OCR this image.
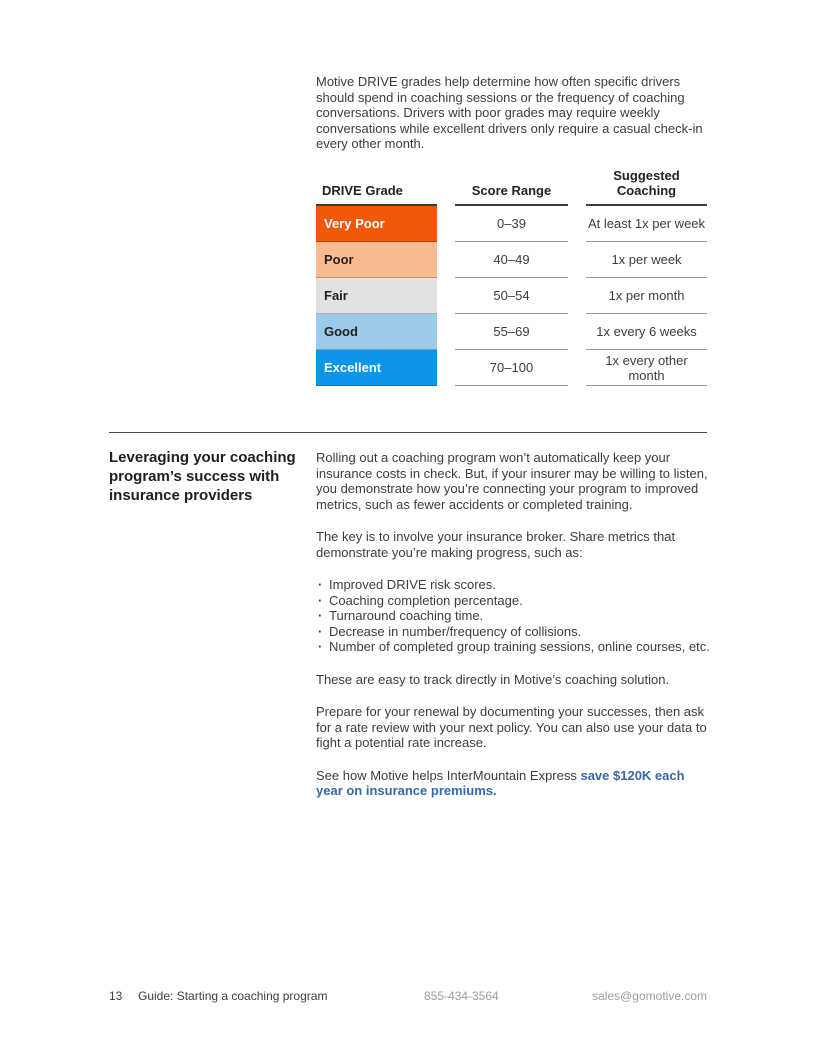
Motive DRIVE grades help determine how often specific drivers should spend in coaching sessions or the frequency of coaching conversations. Drivers with poor grades may require weekly conversations while excellent drivers only require a casual check-in every other month.
DRIVE Grade
Very Poor
Poor
Fair
Good
Excellent
Score Range
0–39
40–49
50–54
55–69
70–100
Suggested Coaching
At least 1x per week
1x per week
1x per month
1x every 6 weeks
1x every other month
Leveraging your coaching program’s success with insurance providers

Rolling out a coaching program won’t automatically keep your insurance costs in check. But, if your insurer may be willing to listen, you demonstrate how you’re connecting your program to improved metrics, such as fewer accidents or completed training.

The key is to involve your insurance broker. Share metrics that demonstrate you’re making progress, such as:

· Improved DRIVE risk scores.
· Coaching completion percentage.
· Turnaround coaching time.
· Decrease in number/frequency of collisions.
· Number of completed group training sessions, online courses, etc.

These are easy to track directly in Motive’s coaching solution.

Prepare for your renewal by documenting your successes, then ask for a rate review with your next policy. You can also use your data to fight a potential rate increase.

See how Motive helps InterMountain Express save $120K each year on insurance premiums.

13 Guide: Starting a coaching program	855-434-3564	sales@gomotive.com
